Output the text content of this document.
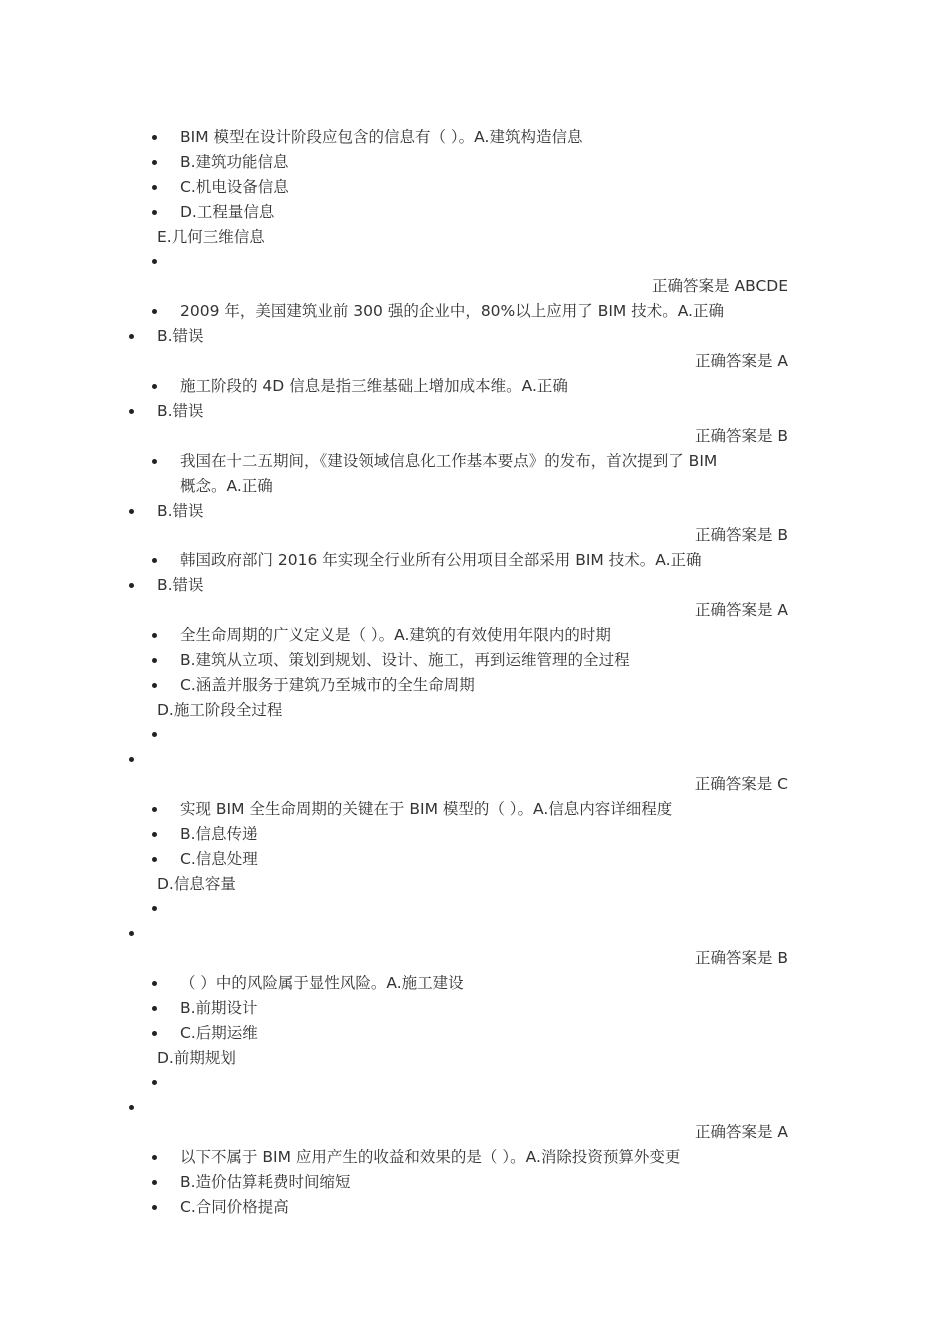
BIM 模型在设计阶段应包含的信息有（ ）。A.建筑构造信息
B.建筑功能信息
C.机电设备信息
D.工程量信息
E.几何三维信息
正确答案是 ABCDE
2009 年，美国建筑业前 300 强的企业中，80%以上应用了 BIM 技术。A.正确
B.错误
正确答案是 A
施工阶段的 4D 信息是指三维基础上增加成本维。A.正确
B.错误
正确答案是 B
我国在十二五期间，《建设领域信息化工作基本要点》的发布，首次提到了 BIM
概念。A.正确
B.错误
正确答案是 B
韩国政府部门 2016 年实现全行业所有公用项目全部采用 BIM 技术。A.正确
B.错误
正确答案是 A
全生命周期的广义定义是（ ）。A.建筑的有效使用年限内的时期
B.建筑从立项、策划到规划、设计、施工，再到运维管理的全过程
C.涵盖并服务于建筑乃至城市的全生命周期
D.施工阶段全过程
正确答案是 C
实现 BIM 全生命周期的关键在于 BIM 模型的（ ）。A.信息内容详细程度
B.信息传递
C.信息处理
D.信息容量
正确答案是 B
（ ）中的风险属于显性风险。A.施工建设
B.前期设计
C.后期运维
D.前期规划
正确答案是 A
以下不属于 BIM 应用产生的收益和效果的是（ ）。A.消除投资预算外变更
B.造价估算耗费时间缩短
C.合同价格提高
